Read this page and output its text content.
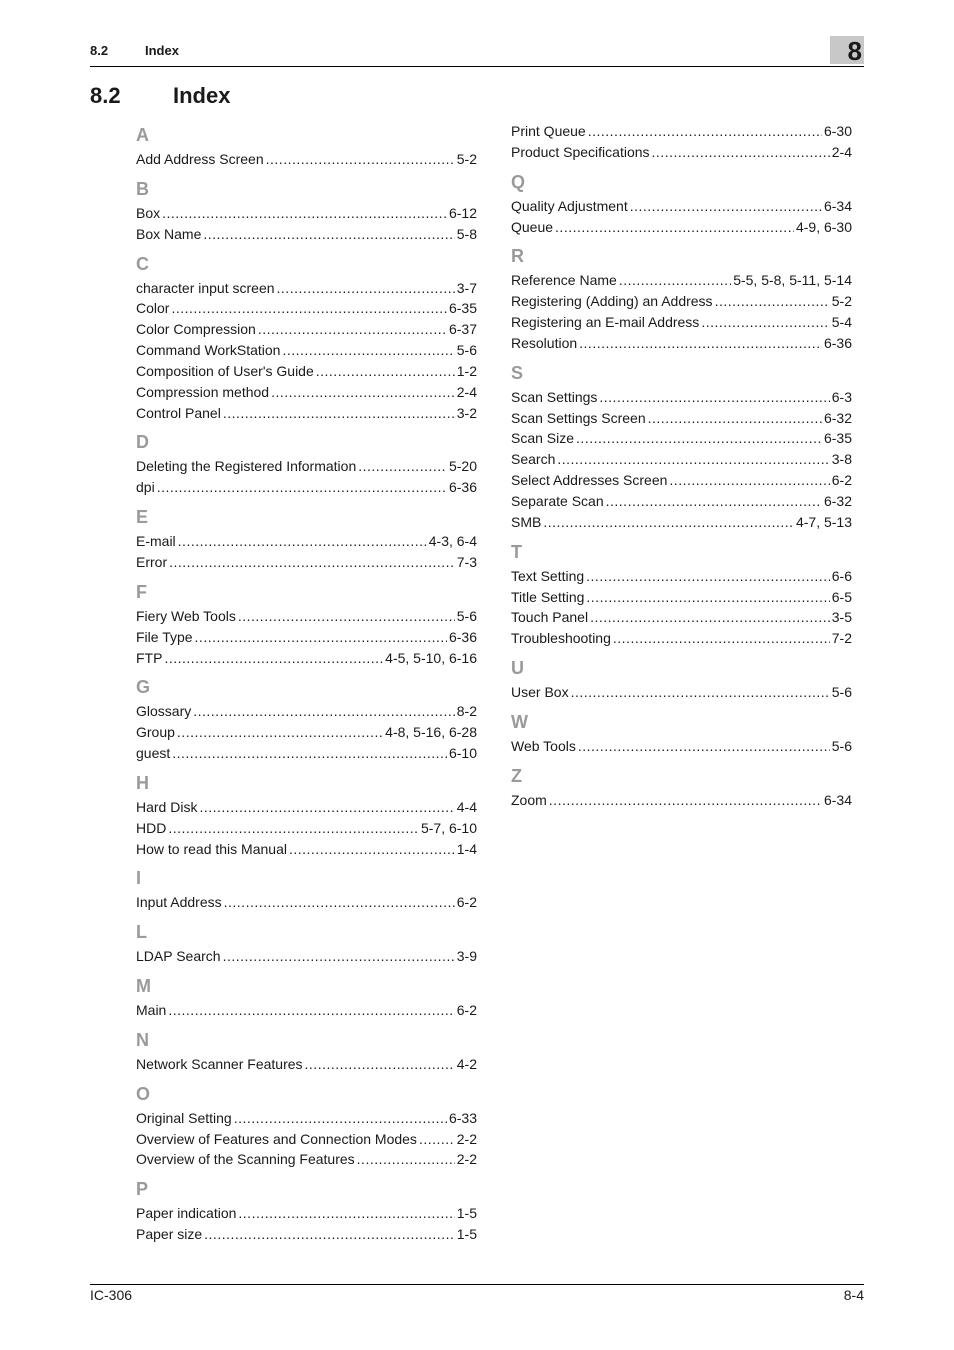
8.2	Index	8
8.2 Index
A
Add Address Screen .....	5-2
B
Box .....	6-12
Box Name .....	5-8
C
character input screen .....	3-7
Color .....	6-35
Color Compression .....	6-37
Command WorkStation .....	5-6
Composition of User's Guide .....	1-2
Compression method .....	2-4
Control Panel .....	3-2
D
Deleting the Registered Information .....	5-20
dpi .....	6-36
E
E-mail .....	4-3, 6-4
Error .....	7-3
F
Fiery Web Tools .....	5-6
File Type .....	6-36
FTP .....	4-5, 5-10, 6-16
G
Glossary .....	8-2
Group .....	4-8, 5-16, 6-28
guest .....	6-10
H
Hard Disk .....	4-4
HDD .....	5-7, 6-10
How to read this Manual .....	1-4
I
Input Address .....	6-2
L
LDAP Search .....	3-9
M
Main .....	6-2
N
Network Scanner Features .....	4-2
O
Original Setting .....	6-33
Overview of Features and Connection Modes .....	2-2
Overview of the Scanning Features .....	2-2
P
Paper indication .....	1-5
Paper size .....	1-5
Print Queue .....	6-30
Product Specifications .....	2-4
Q
Quality Adjustment .....	6-34
Queue .....	4-9, 6-30
R
Reference Name .....	5-5, 5-8, 5-11, 5-14
Registering (Adding) an Address .....	5-2
Registering an E-mail Address .....	5-4
Resolution .....	6-36
S
Scan Settings .....	6-3
Scan Settings Screen .....	6-32
Scan Size .....	6-35
Search .....	3-8
Select Addresses Screen .....	6-2
Separate Scan .....	6-32
SMB .....	4-7, 5-13
T
Text Setting .....	6-6
Title Setting .....	6-5
Touch Panel .....	3-5
Troubleshooting .....	7-2
U
User Box .....	5-6
W
Web Tools .....	5-6
Z
Zoom .....	6-34
IC-306	8-4
